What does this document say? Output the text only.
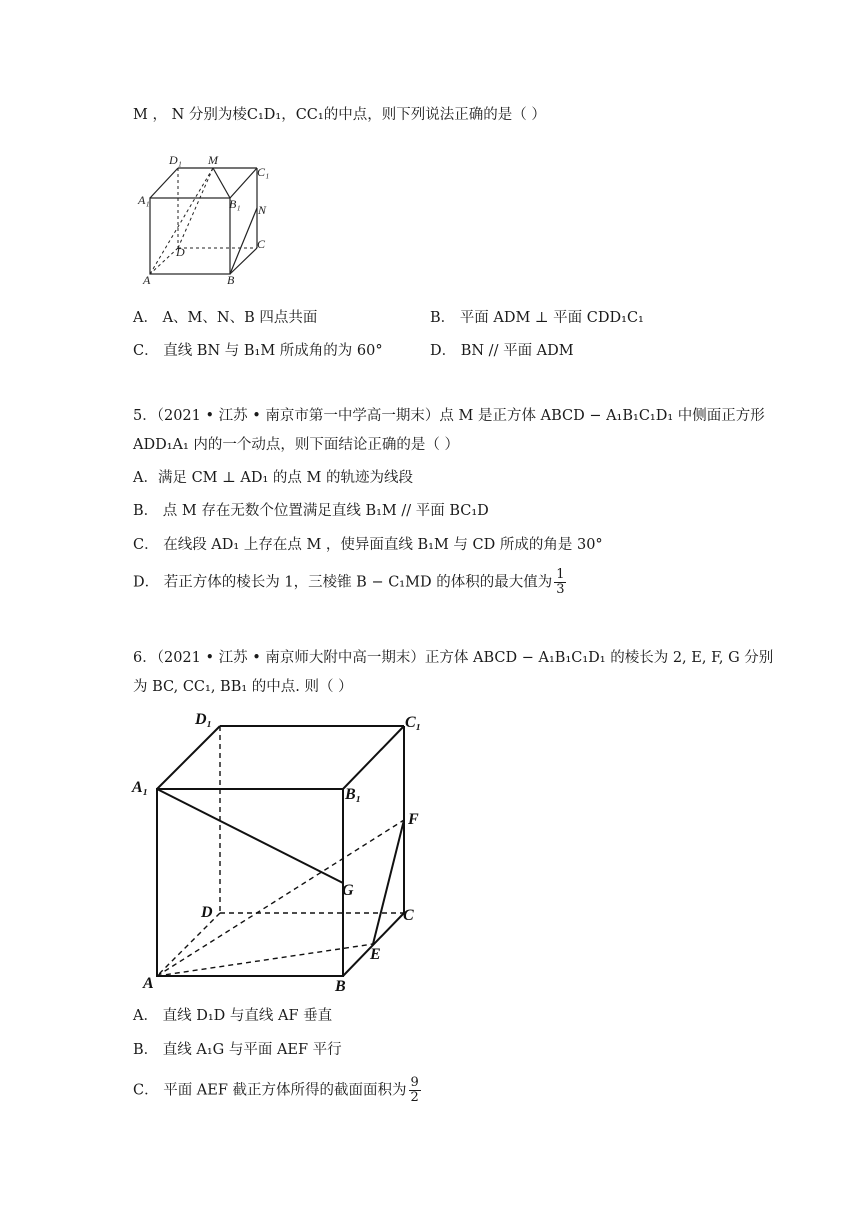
M ， N 分别为棱C₁D₁，CC₁的中点，则下列说法正确的是（ ）
D₁ M
C₁
A₁	B₁ N
C
D
A	B
A． A、M、N、B 四点共面	B． 平面 ADM ⊥ 平面 CDD₁C₁
C． 直线 BN 与 B₁M 所成角的为 60°	D． BN // 平面 ADM
5．（2021 • 江苏 • 南京市第一中学高一期末）点 M 是正方体 ABCD − A₁B₁C₁D₁ 中侧面正方形
ADD₁A₁ 内的一个动点，则下面结论正确的是（ ）
A．满足 CM ⊥ AD₁ 的点 M 的轨迹为线段
B． 点 M 存在无数个位置满足直线 B₁M // 平面 BC₁D
C． 在线段 AD₁ 上存在点 M ，使异面直线 B₁M 与 CD 所成的角是 30°
D． 若正方体的棱长为 1，三棱锥 B − C₁MD 的体积的最大值为 $\frac{1}{3}$
6．（2021 • 江苏 • 南京师大附中高一期末）正方体 ABCD − A₁B₁C₁D₁ 的棱长为 2, E, F, G 分别
为 BC, CC₁, BB₁ 的中点. 则（ ）
D₁	C₁
A₁	B₁
F
G
D	C
E
A	B
A． 直线 D₁D 与直线 AF 垂直
B． 直线 A₁G 与平面 AEF 平行
C． 平面 AEF 截正方体所得的截面面积为 $\frac{9}{2}$
